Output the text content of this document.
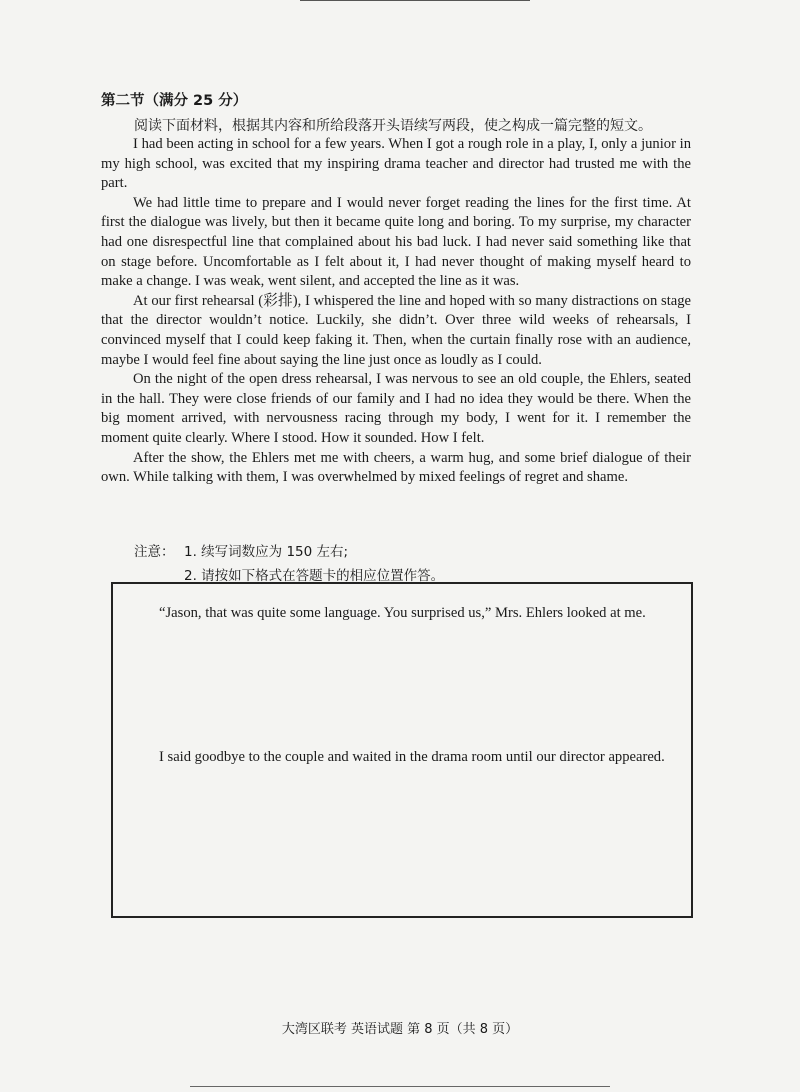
第二节（满分 25 分）
阅读下面材料，根据其内容和所给段落开头语续写两段，使之构成一篇完整的短文。

I had been acting in school for a few years. When I got a rough role in a play, I, only a junior in my high school, was excited that my inspiring drama teacher and director had trusted me with the part.

We had little time to prepare and I would never forget reading the lines for the first time. At first the dialogue was lively, but then it became quite long and boring. To my surprise, my character had one disrespectful line that complained about his bad luck. I had never said something like that on stage before. Uncomfortable as I felt about it, I had never thought of making myself heard to make a change. I was weak, went silent, and accepted the line as it was.

At our first rehearsal (彩排), I whispered the line and hoped with so many distractions on stage that the director wouldn’t notice. Luckily, she didn’t. Over three wild weeks of rehearsals, I convinced myself that I could keep faking it. Then, when the curtain finally rose with an audience, maybe I would feel fine about saying the line just once as loudly as I could.

On the night of the open dress rehearsal, I was nervous to see an old couple, the Ehlers, seated in the hall. They were close friends of our family and I had no idea they would be there. When the big moment arrived, with nervousness racing through my body, I went for it. I remember the moment quite clearly. Where I stood. How it sounded. How I felt.

After the show, the Ehlers met me with cheers, a warm hug, and some brief dialogue of their own. While talking with them, I was overwhelmed by mixed feelings of regret and shame.

注意： 1. 续写词数应为 150 左右;
2. 请按如下格式在答题卡的相应位置作答。
“Jason, that was quite some language. You surprised us,” Mrs. Ehlers looked at me.
I said goodbye to the couple and waited in the drama room until our director appeared.
大湾区联考 英语试题 第 8 页（共 8 页）
